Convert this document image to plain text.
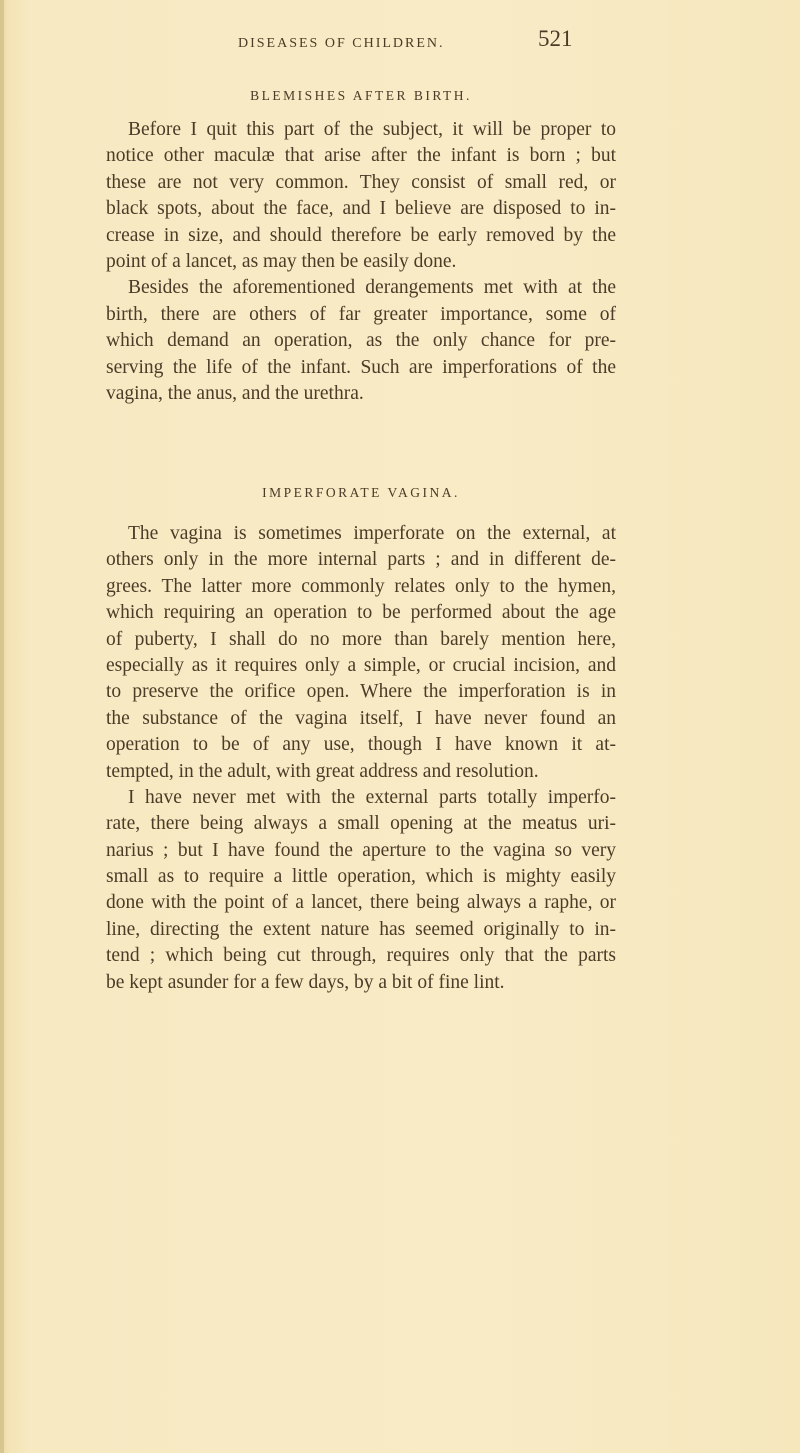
DISEASES OF CHILDREN.	521
BLEMISHES AFTER BIRTH.
Before I quit this part of the subject, it will be proper to
notice other maculæ that arise after the infant is born ; but
these are not very common. They consist of small red, or
black spots, about the face, and I believe are disposed to in-
crease in size, and should therefore be early removed by the
point of a lancet, as may then be easily done.
Besides the aforementioned derangements met with at the
birth, there are others of far greater importance, some of
which demand an operation, as the only chance for pre-
serving the life of the infant. Such are imperforations of the
vagina, the anus, and the urethra.
IMPERFORATE VAGINA.
The vagina is sometimes imperforate on the external, at
others only in the more internal parts ; and in different de-
grees. The latter more commonly relates only to the hymen,
which requiring an operation to be performed about the age
of puberty, I shall do no more than barely mention here,
especially as it requires only a simple, or crucial incision, and
to preserve the orifice open. Where the imperforation is in
the substance of the vagina itself, I have never found an
operation to be of any use, though I have known it at-
tempted, in the adult, with great address and resolution.
I have never met with the external parts totally imperfo-
rate, there being always a small opening at the meatus uri-
narius ; but I have found the aperture to the vagina so very
small as to require a little operation, which is mighty easily
done with the point of a lancet, there being always a raphe, or
line, directing the extent nature has seemed originally to in-
tend ; which being cut through, requires only that the parts
be kept asunder for a few days, by a bit of fine lint.
